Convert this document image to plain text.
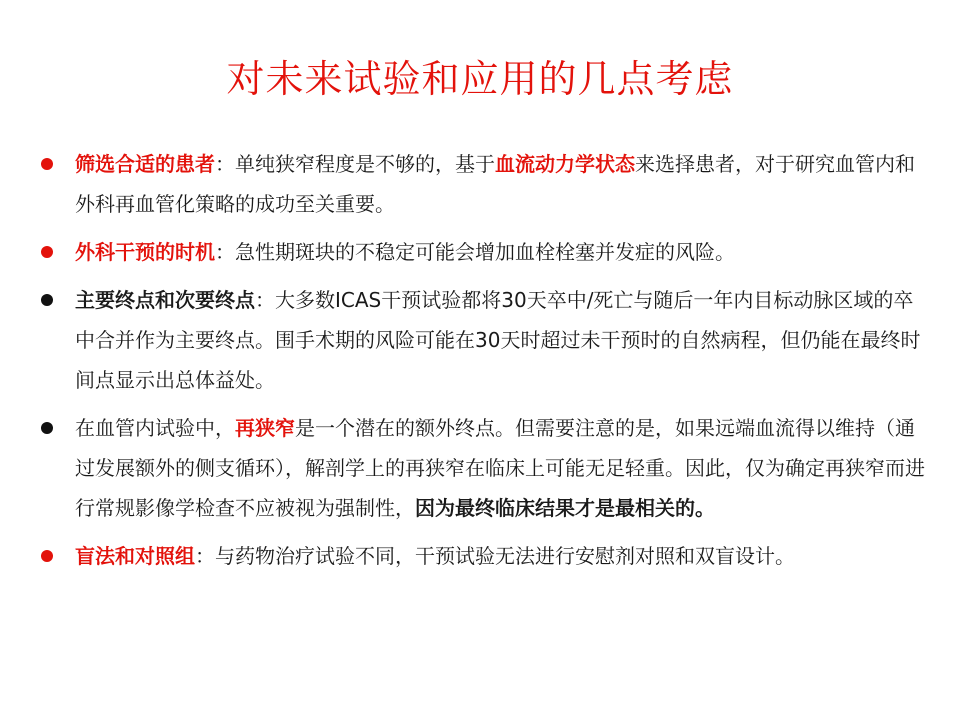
对未来试验和应用的几点考虑
筛选合适的患者：单纯狭窄程度是不够的，基于血流动力学状态来选择患者，对于研究血管内和外科再血管化策略的成功至关重要。
外科干预的时机：急性期斑块的不稳定可能会增加血栓栓塞并发症的风险。
主要终点和次要终点：大多数ICAS干预试验都将30天卒中/死亡与随后一年内目标动脉区域的卒中合并作为主要终点。围手术期的风险可能在30天时超过未干预时的自然病程，但仍能在最终时间点显示出总体益处。
在血管内试验中，再狭窄是一个潜在的额外终点。但需要注意的是，如果远端血流得以维持（通过发展额外的侧支循环），解剖学上的再狭窄在临床上可能无足轻重。因此，仅为确定再狭窄而进行常规影像学检查不应被视为强制性，因为最终临床结果才是最相关的。
盲法和对照组：与药物治疗试验不同，干预试验无法进行安慰剂对照和双盲设计。
